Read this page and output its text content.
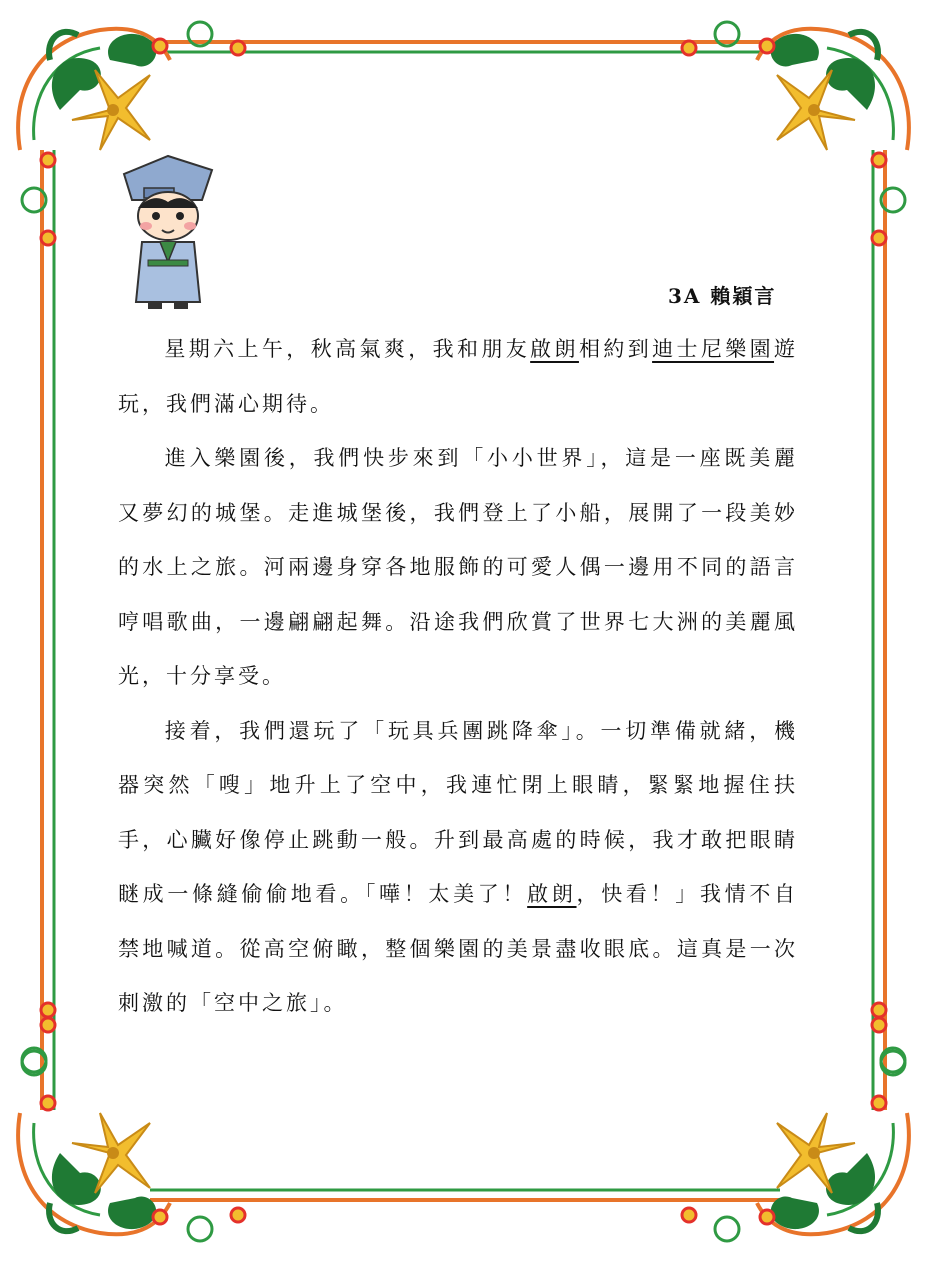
3A 賴穎言

星期六上午，秋高氣爽，我和朋友啟朗相約到迪士尼樂園遊玩，我們滿心期待。

進入樂園後，我們快步來到「小小世界」，這是一座既美麗又夢幻的城堡。走進城堡後，我們登上了小船，展開了一段美妙的水上之旅。河兩邊身穿各地服飾的可愛人偶一邊用不同的語言哼唱歌曲，一邊翩翩起舞。沿途我們欣賞了世界七大洲的美麗風光，十分享受。

接着，我們還玩了「玩具兵團跳降傘」。一切準備就緒，機器突然「嗖」地升上了空中，我連忙閉上眼睛，緊緊地握住扶手，心臟好像停止跳動一般。升到最高處的時候，我才敢把眼睛瞇成一條縫偷偷地看。「嘩！太美了！啟朗，快看！」我情不自禁地喊道。從高空俯瞰，整個樂園的美景盡收眼底。這真是一次刺激的「空中之旅」。
